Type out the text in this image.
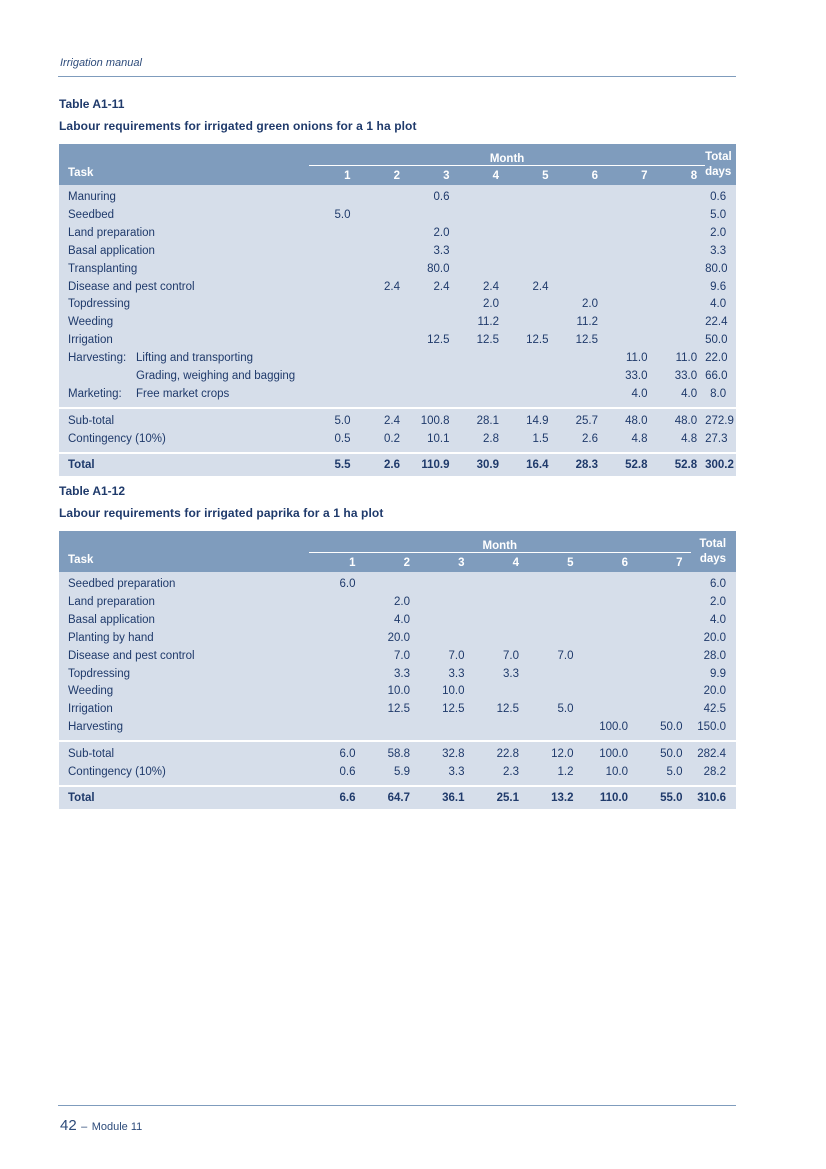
Irrigation manual
Table A1-11
Labour requirements for irrigated green onions for a 1 ha plot
Task	Month								Total days
	1	2	3	4	5	6	7	8	
Manuring			0.6						0.6
Seedbed	5.0								5.0
Land preparation			2.0						2.0
Basal application			3.3						3.3
Transplanting			80.0						80.0
Disease and pest control		2.4	2.4	2.4	2.4				9.6
Topdressing				2.0		2.0			4.0
Weeding				11.2		11.2			22.4
Irrigation			12.5	12.5	12.5	12.5			50.0
Harvesting: Lifting and transporting							11.0	11.0	22.0
Grading, weighing and bagging							33.0	33.0	66.0
Marketing: Free market crops							4.0	4.0	8.0

Sub-total	5.0	2.4	100.8	28.1	14.9	25.7	48.0	48.0	272.9
Contingency (10%)	0.5	0.2	10.1	2.8	1.5	2.6	4.8	4.8	27.3

Total	5.5	2.6	110.9	30.9	16.4	28.3	52.8	52.8	300.2
Table A1-12
Labour requirements for irrigated paprika for a 1 ha plot
Task	Month							Total days
	1	2	3	4	5	6	7	
Seedbed preparation	6.0							6.0
Land preparation		2.0						2.0
Basal application		4.0						4.0
Planting by hand		20.0						20.0
Disease and pest control		7.0	7.0	7.0	7.0			28.0
Topdressing		3.3	3.3	3.3				9.9
Weeding		10.0	10.0					20.0
Irrigation		12.5	12.5	12.5	5.0			42.5
Harvesting						100.0	50.0	150.0

Sub-total	6.0	58.8	32.8	22.8	12.0	100.0	50.0	282.4
Contingency (10%)	0.6	5.9	3.3	2.3	1.2	10.0	5.0	28.2

Total	6.6	64.7	36.1	25.1	13.2	110.0	55.0	310.6
42 – Module 11
